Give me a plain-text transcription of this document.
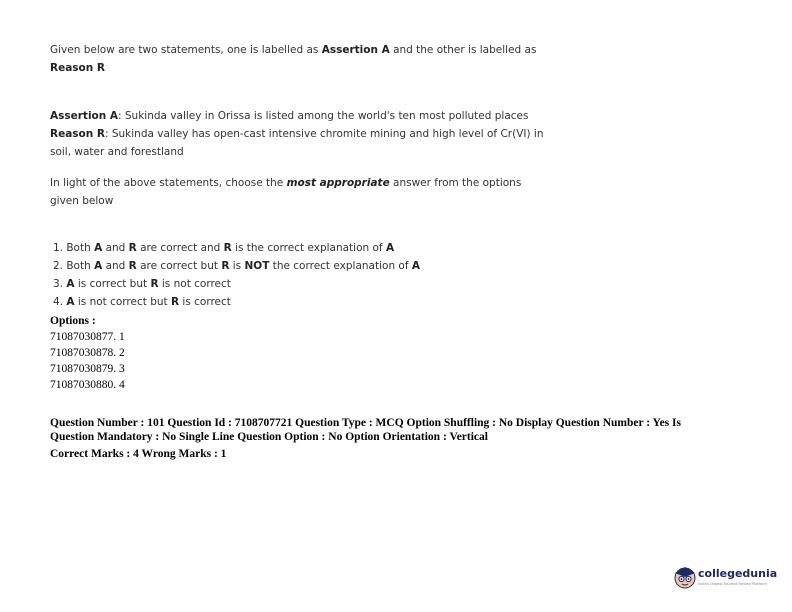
Given below are two statements, one is labelled as Assertion A and the other is labelled as
Reason R
Assertion A: Sukinda valley in Orissa is listed among the world's ten most polluted places
Reason R: Sukinda valley has open-cast intensive chromite mining and high level of Cr(VI) in
soil, water and forestland
In light of the above statements, choose the most appropriate answer from the options
given below
1. Both A and R are correct and R is the correct explanation of A
2. Both A and R are correct but R is NOT the correct explanation of A
3. A is correct but R is not correct
4. A is not correct but R is correct
Options :
71087030877. 1
71087030878. 2
71087030879. 3
71087030880. 4
Question Number : 101 Question Id : 7108707721 Question Type : MCQ Option Shuffling : No Display Question Number : Yes Is
Question Mandatory : No Single Line Question Option : No Option Orientation : Vertical
Correct Marks : 4 Wrong Marks : 1
collegedunia
India's largest Student Review Platform
